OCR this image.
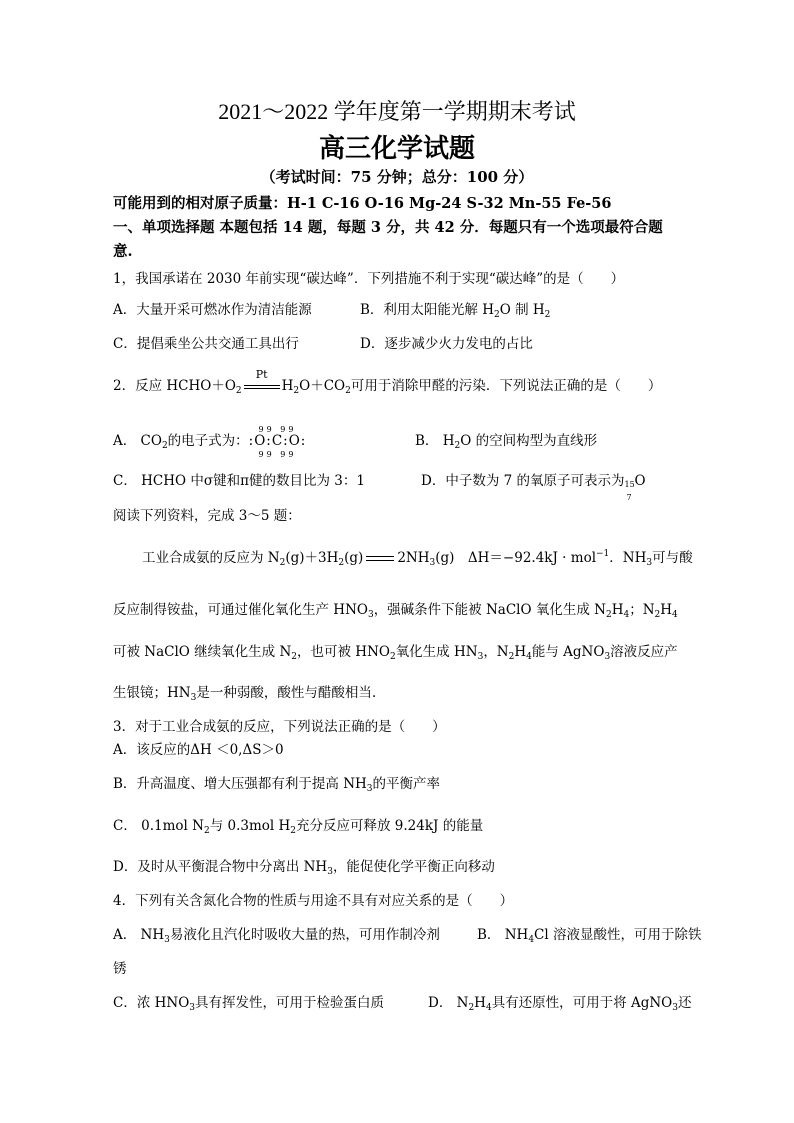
2021～2022 学年度第一学期期末考试
高三化学试题
（考试时间：75 分钟；总分：100 分）
可能用到的相对原子质量：H-1 C-16 O-16 Mg-24 S-32 Mn-55 Fe-56
一、单项选择题 本题包括 14 题，每题 3 分，共 42 分．每题只有一个选项最符合题
意.
1，我国承诺在 2030 年前实现“碳达峰”．下列措施不利于实现“碳达峰”的是（　　）
A．大量开采可燃冰作为清洁能源	B．利用太阳能光解 $H_2O$ 制 $H_2$
C．提倡乘坐公共交通工具出行	D．逐步减少火力发电的占比
2．反应 $HCHO+O_2$
Pt
$H_2O+CO_2$可用于消除甲醛的污染．下列说法正确的是（　　）
A． $CO_2$的电子式为：
99 99
:O:C:O:
99 99
B． $H_2O$ 的空间构型为直线形
C． HCHO 中σ键和π健的数目比为 3：1	D．中子数为 7 的氧原子可表示为 15
7
O
阅读下列资料，完成 3～5 题：
工业合成氨的反应为 $N_2(g)+3H_2(g)$	$2NH_3(g)$　ΔH＝−92.4kJ · mol$^{-1}$．$NH_3$可与酸
反应制得铵盐，可通过催化氧化生产 $HNO_3$，强碱条件下能被 NaClO 氧化生成 $N_2H_4$；$N_2H_4$
可被 NaClO 继续氧化生成 $N_2$，也可被 $HNO_2$氧化生成 $HN_3$，$N_2H_4$能与 AgNO$_3$溶液反应产
生银镜；$HN_3$是一种弱酸，酸性与醋酸相当.
3．对于工业合成氨的反应，下列说法正确的是（　　）
A．该反应的ΔH ＜0,ΔS＞0
B．升高温度、增大压强都有利于提高 $NH_3$的平衡产率
C． 0.1mol $N_2$与 0.3mol $H_2$充分反应可释放 9.24kJ 的能量
D．及时从平衡混合物中分离出 $NH_3$，能促使化学平衡正向移动
4．下列有关含氮化合物的性质与用途不具有对应关系的是（　　）
A． $NH_3$易液化且汽化时吸收大量的热，可用作制冷剂	B． $NH_4Cl$ 溶液显酸性，可用于除铁
锈
C．浓 $HNO_3$具有挥发性，可用于检验蛋白质	D． $N_2H_4$具有还原性，可用于将 AgNO$_3$还
